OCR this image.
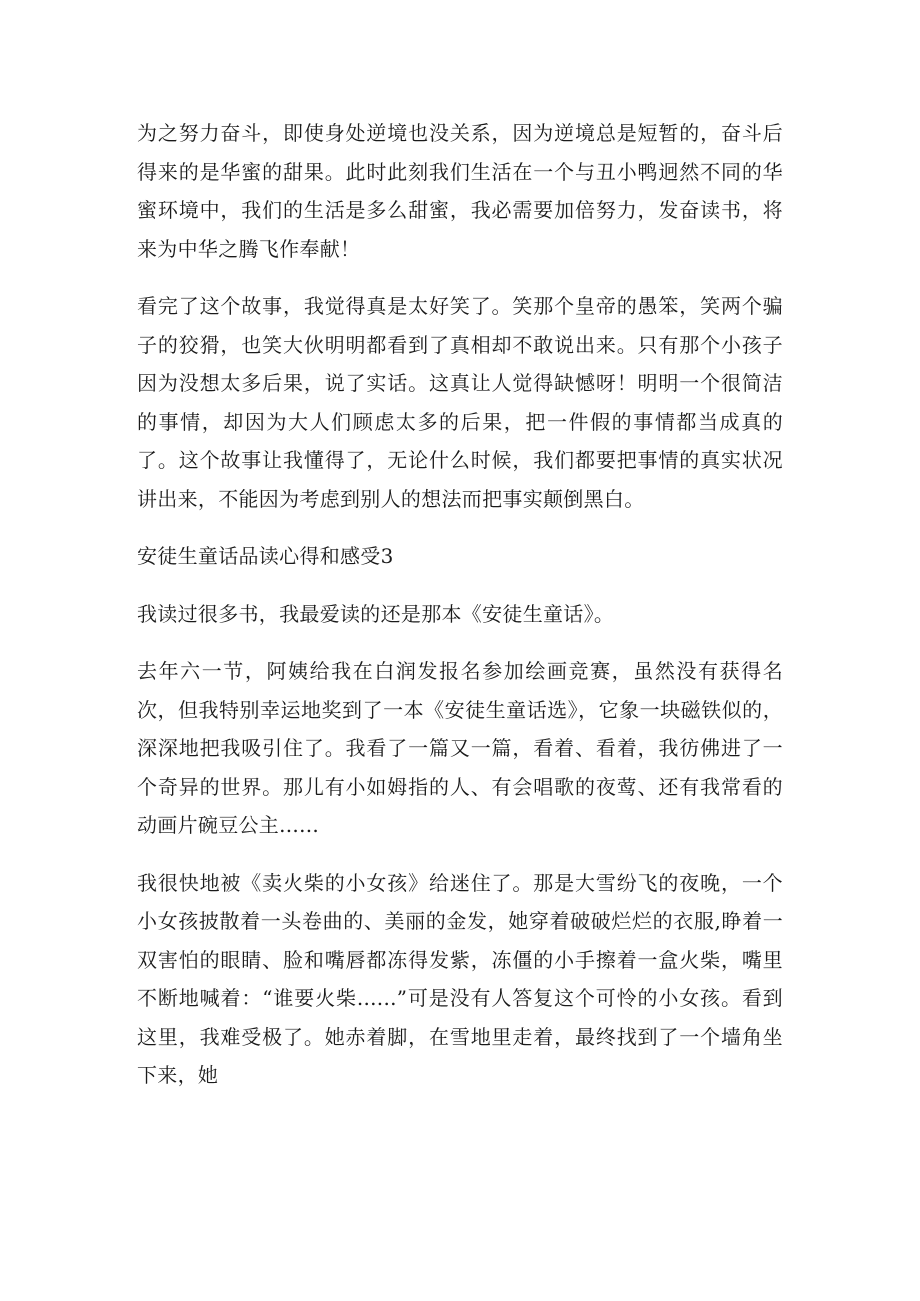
为之努力奋斗，即使身处逆境也没关系，因为逆境总是短暂的，奋斗后得来的是华蜜的甜果。此时此刻我们生活在一个与丑小鸭迥然不同的华蜜环境中，我们的生活是多么甜蜜，我必需要加倍努力，发奋读书，将来为中华之腾飞作奉献！

看完了这个故事，我觉得真是太好笑了。笑那个皇帝的愚笨，笑两个骗子的狡猾，也笑大伙明明都看到了真相却不敢说出来。只有那个小孩子因为没想太多后果，说了实话。这真让人觉得缺憾呀！明明一个很简洁的事情，却因为大人们顾虑太多的后果，把一件假的事情都当成真的了。这个故事让我懂得了，无论什么时候，我们都要把事情的真实状况讲出来，不能因为考虑到别人的想法而把事实颠倒黑白。

安徒生童话品读心得和感受3

我读过很多书，我最爱读的还是那本《安徒生童话》。

去年六一节，阿姨给我在白润发报名参加绘画竞赛，虽然没有获得名次，但我特别幸运地奖到了一本《安徒生童话选》，它象一块磁铁似的，深深地把我吸引住了。我看了一篇又一篇，看着、看着，我彷佛进了一个奇异的世界。那儿有小如姆指的人、有会唱歌的夜莺、还有我常看的动画片碗豆公主......

我很快地被《卖火柴的小女孩》给迷住了。那是大雪纷飞的夜晚，一个小女孩披散着一头卷曲的、美丽的金发，她穿着破破烂烂的衣服,睁着一双害怕的眼睛、脸和嘴唇都冻得发紫，冻僵的小手擦着一盒火柴，嘴里不断地喊着：“谁要火柴......”可是没有人答复这个可怜的小女孩。看到这里，我难受极了。她赤着脚，在雪地里走着，最终找到了一个墙角坐下来，她
